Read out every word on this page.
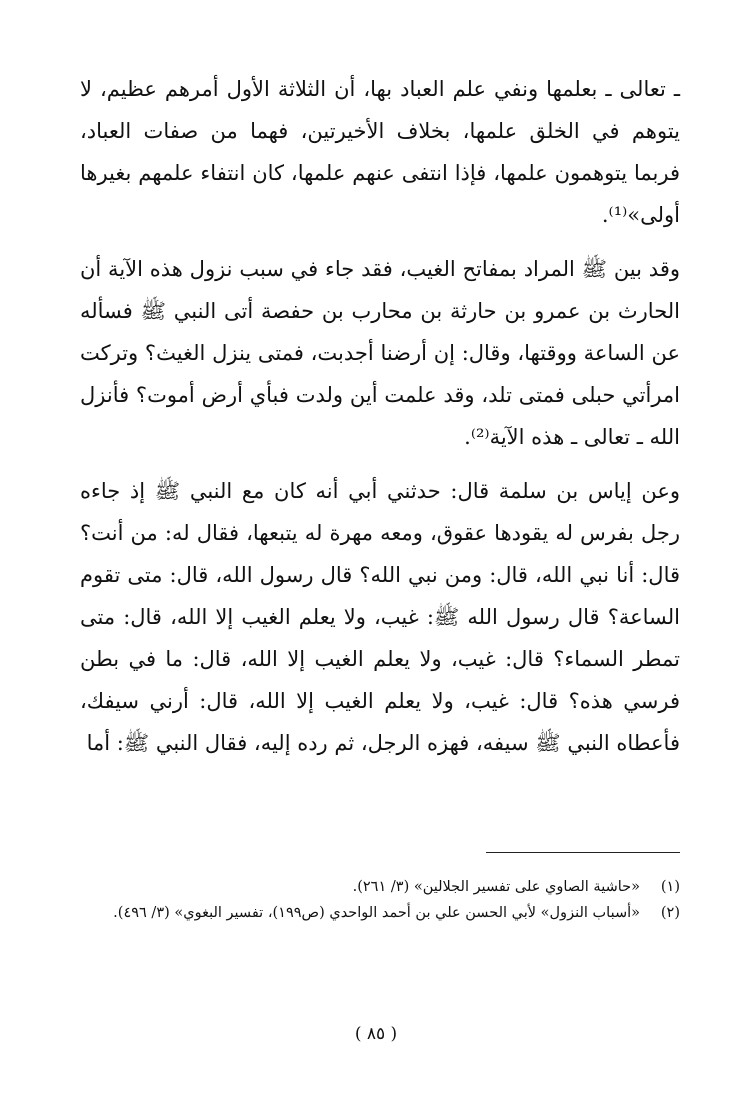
ـ تعالى ـ بعلمها ونفي علم العباد بها، أن الثلاثة الأول أمرهم عظيم، لا يتوهم في الخلق علمها، بخلاف الأخيرتين، فهما من صفات العباد، فربما يتوهمون علمها، فإذا انتفى عنهم علمها، كان انتفاء علمهم بغيرها أولى»⁽¹⁾.

وقد بين ﷺ المراد بمفاتح الغيب، فقد جاء في سبب نزول هذه الآية أن الحارث بن عمرو بن حارثة بن محارب بن حفصة أتى النبي ﷺ فسأله عن الساعة ووقتها، وقال: إن أرضنا أجدبت، فمتى ينزل الغيث؟ وتركت امرأتي حبلى فمتى تلد، وقد علمت أين ولدت فبأي أرض أموت؟ فأنزل الله ـ تعالى ـ هذه الآية⁽²⁾.

وعن إياس بن سلمة قال: حدثني أبي أنه كان مع النبي ﷺ إذ جاءه رجل بفرس له يقودها عقوق، ومعه مهرة له يتبعها، فقال له: من أنت؟ قال: أنا نبي الله، قال: ومن نبي الله؟ قال رسول الله، قال: متى تقوم الساعة؟ قال رسول الله ﷺ: غيب، ولا يعلم الغيب إلا الله، قال: متى تمطر السماء؟ قال: غيب، ولا يعلم الغيب إلا الله، قال: ما في بطن فرسي هذه؟ قال: غيب، ولا يعلم الغيب إلا الله، قال: أرني سيفك، فأعطاه النبي ﷺ سيفه، فهزه الرجل، ثم رده إليه، فقال النبي ﷺ: أما

(١)
«حاشية الصاوي على تفسير الجلالين» (٣/ ٢٦١).
(٢)
«أسباب النزول» لأبي الحسن علي بن أحمد الواحدي (ص١٩٩)، تفسير البغوي» (٣/ ٤٩٦).
( ٨٥ )
